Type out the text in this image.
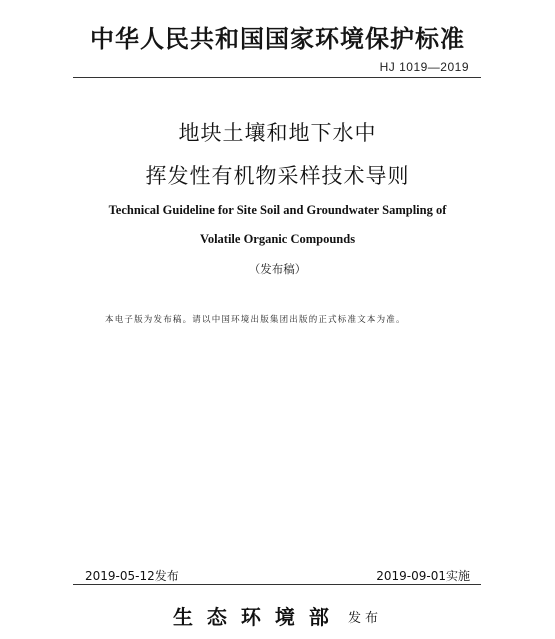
中华人民共和国国家环境保护标准
HJ 1019—2019
地块土壤和地下水中
挥发性有机物采样技术导则
Technical Guideline for Site Soil and Groundwater Sampling of
Volatile Organic Compounds
（发布稿）
本电子版为发布稿。请以中国环境出版集团出版的正式标准文本为准。
2019-05-12发布	2019-09-01实施
生态环境部 发布
